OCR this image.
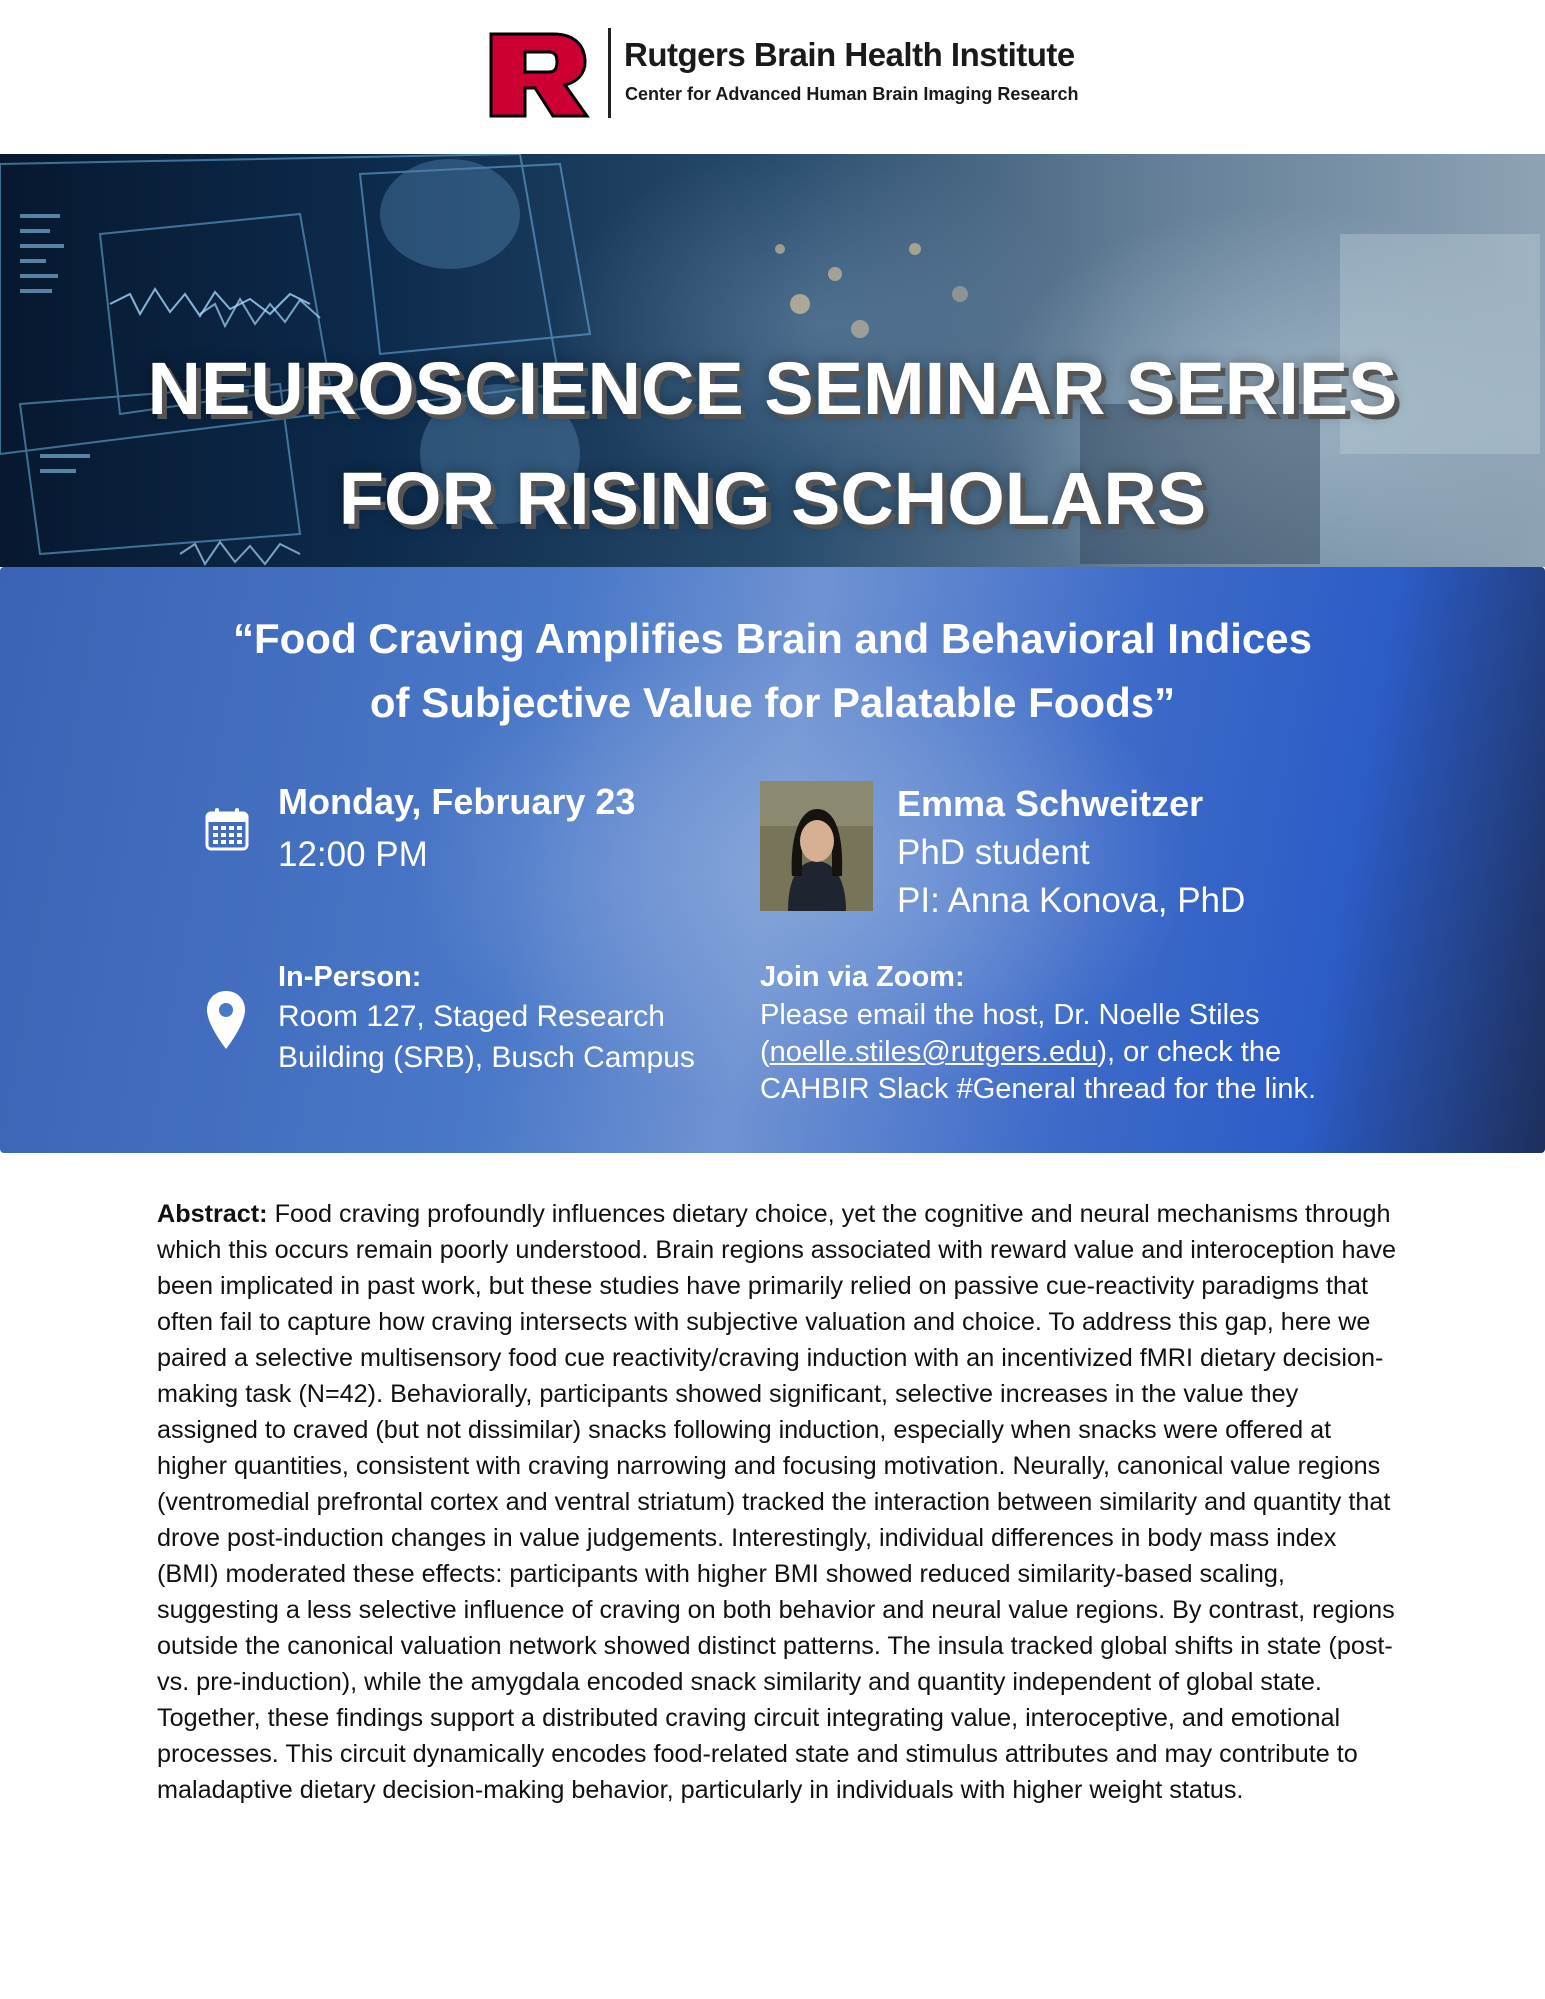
Rutgers Brain Health Institute
Center for Advanced Human Brain Imaging Research
NEUROSCIENCE SEMINAR SERIES
FOR RISING SCHOLARS
“Food Craving Amplifies Brain and Behavioral Indices
of Subjective Value for Palatable Foods”
Monday, February 23
12:00 PM
Emma Schweitzer
PhD student
PI: Anna Konova, PhD
In-Person:
Room 127, Staged Research
Building (SRB), Busch Campus
Join via Zoom:
Please email the host, Dr. Noelle Stiles
(noelle.stiles@rutgers.edu), or check the
CAHBIR Slack #General thread for the link.
Abstract: Food craving profoundly influences dietary choice, yet the cognitive and neural mechanisms through which this occurs remain poorly understood. Brain regions associated with reward value and interoception have been implicated in past work, but these studies have primarily relied on passive cue-reactivity paradigms that often fail to capture how craving intersects with subjective valuation and choice. To address this gap, here we paired a selective multisensory food cue reactivity/craving induction with an incentivized fMRI dietary decision-making task (N=42). Behaviorally, participants showed significant, selective increases in the value they assigned to craved (but not dissimilar) snacks following induction, especially when snacks were offered at higher quantities, consistent with craving narrowing and focusing motivation. Neurally, canonical value regions (ventromedial prefrontal cortex and ventral striatum) tracked the interaction between similarity and quantity that drove post-induction changes in value judgements. Interestingly, individual differences in body mass index (BMI) moderated these effects: participants with higher BMI showed reduced similarity-based scaling, suggesting a less selective influence of craving on both behavior and neural value regions. By contrast, regions outside the canonical valuation network showed distinct patterns. The insula tracked global shifts in state (post- vs. pre-induction), while the amygdala encoded snack similarity and quantity independent of global state. Together, these findings support a distributed craving circuit integrating value, interoceptive, and emotional processes. This circuit dynamically encodes food-related state and stimulus attributes and may contribute to maladaptive dietary decision-making behavior, particularly in individuals with higher weight status.
